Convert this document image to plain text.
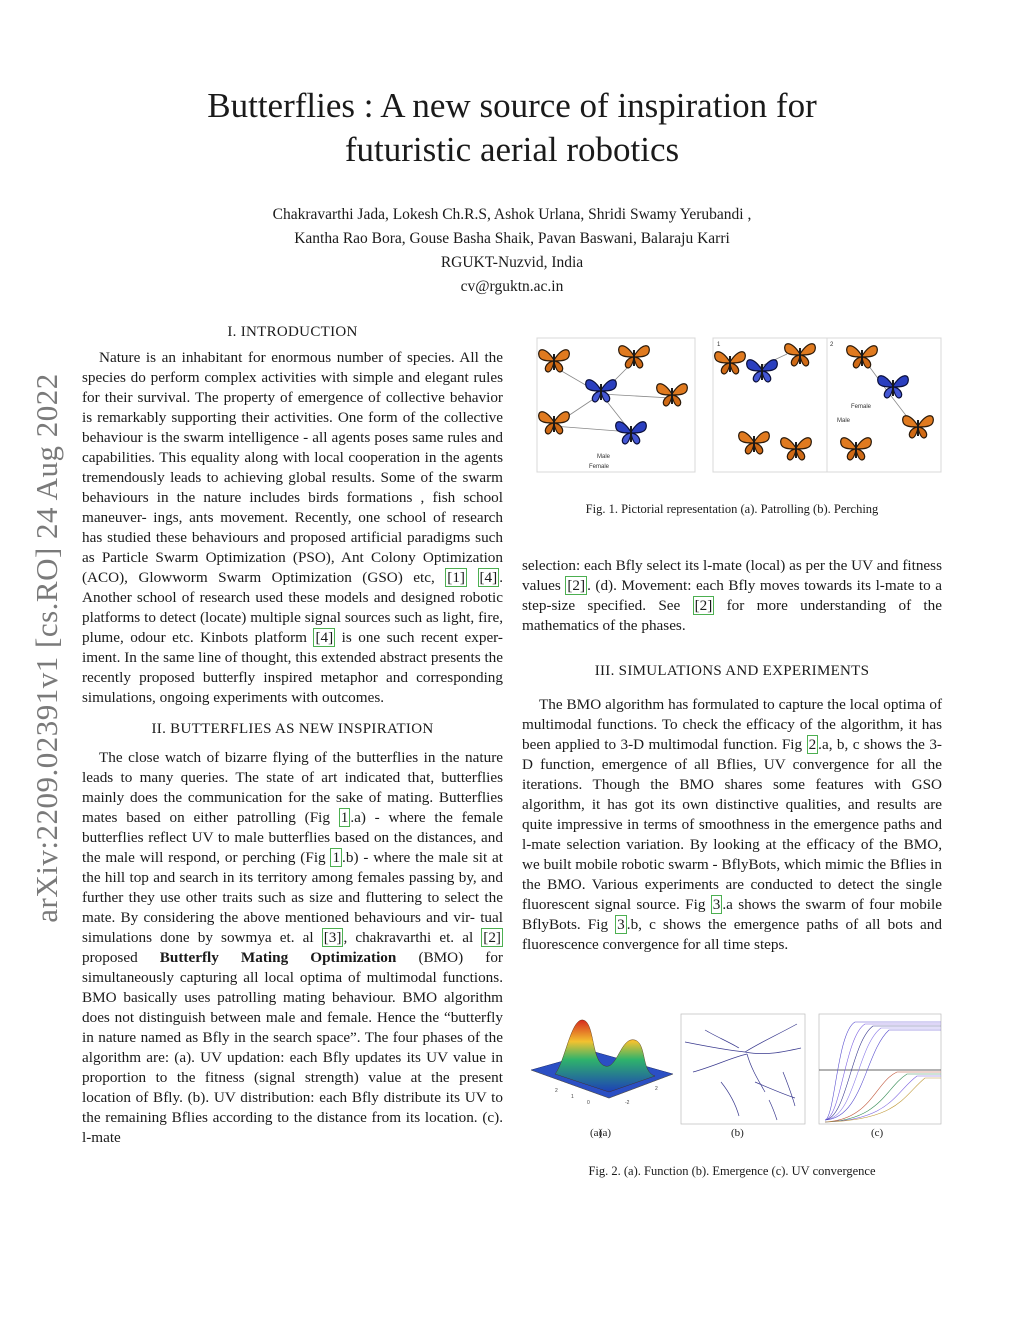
Butterflies : A new source of inspiration for
futuristic aerial robotics
Chakravarthi Jada, Lokesh Ch.R.S, Ashok Urlana, Shridi Swamy Yerubandi ,
Kantha Rao Bora, Gouse Basha Shaik, Pavan Baswani, Balaraju Karri
RGUKT-Nuzvid, India
cv@rguktn.ac.in
arXiv:2209.02391v1 [cs.RO] 24 Aug 2022
I. INTRODUCTION

Nature is an inhabitant for enormous number of species. All the species do perform complex activities with simple and elegant rules for their survival. The property of emergence of collective behavior is remarkably supporting their activities. One form of the collective behaviour is the swarm intelligence - all agents poses same rules and capabilities. This equality along with local cooperation in the agents tremendously leads to achieving global results. Some of the swarm behaviours in the nature includes birds formations , fish school maneuver- ings, ants movement. Recently, one school of research has studied these behaviours and proposed artificial paradigms such as Particle Swarm Optimization (PSO), Ant Colony Optimization (ACO), Glowworm Swarm Optimization (GSO) etc, [1] [4] . Another school of research used these models and designed robotic platforms to detect (locate) multiple signal sources such as light, fire, plume, odour etc. Kinbots platform [4] is one such recent exper- iment. In the same line of thought, this extended abstract presents the recently proposed butterfly inspired metaphor and corresponding simulations, ongoing experiments with outcomes.

II. BUTTERFLIES AS NEW INSPIRATION

The close watch of bizarre flying of the butterflies in the nature leads to many queries. The state of art indicated that, butterflies mainly does the communication for the sake of mating. Butterflies mates based on either patrolling (Fig 1 .a) - where the female butterflies reflect UV to male butterflies based on the distances, and the male will respond, or perching (Fig 1 .b) - where the male sit at the hill top and search in its territory among females passing by, and further they use other traits such as size and fluttering to select the mate. By considering the above mentioned behaviours and vir- tual simulations done by sowmya et. al [3] , chakravarthi et. al [2] proposed Butterfly Mating Optimization (BMO) for simultaneously capturing all local optima of multimodal functions. BMO basically uses patrolling mating behaviour. BMO algorithm does not distinguish between male and female. Hence the “butterfly in nature named as Bfly in the search space”. The four phases of the algorithm are: (a). UV updation: each Bfly updates its UV value in proportion to the fitness (signal strength) value at the present location of Bfly. (b). UV distribution: each Bfly distribute its UV to the remaining Bflies according to the distance from its location. (c). l-mate

Male
Female
1	2
Female
Male
Fig. 1. Pictorial representation (a). Patrolling (b). Perching

selection: each Bfly select its l-mate (local) as per the UV and fitness values [2] . (d). Movement: each Bfly moves towards its l-mate to a step-size specified. See [2] for more understanding of the mathematics of the phases.

III. SIMULATIONS AND EXPERIMENTS

The BMO algorithm has formulated to capture the local optima of multimodal functions. To check the efficacy of the algorithm, it has been applied to 3-D multimodal function. Fig 2 .a, b, c shows the 3-D function, emergence of all Bflies, UV convergence for all the iterations. Though the BMO shares some features with GSO algorithm, it has got its own distinctive qualities, and results are quite impressive in terms of smoothness in the emergence paths and l-mate selection variation. By looking at the efficacy of the BMO, we built mobile robotic swarm - BflyBots, which mimic the Bflies in the BMO. Various experiments are conducted to detect the single fluorescent signal source. Fig 3 .a shows the swarm of four mobile BflyBots. Fig 3 .b, c shows the emergence paths of all bots and fluorescence convergence for all time steps.

2
1
0	-2
2
(a)
(a)	(b)	(c)
Fig. 2. (a). Function (b). Emergence (c). UV convergence
